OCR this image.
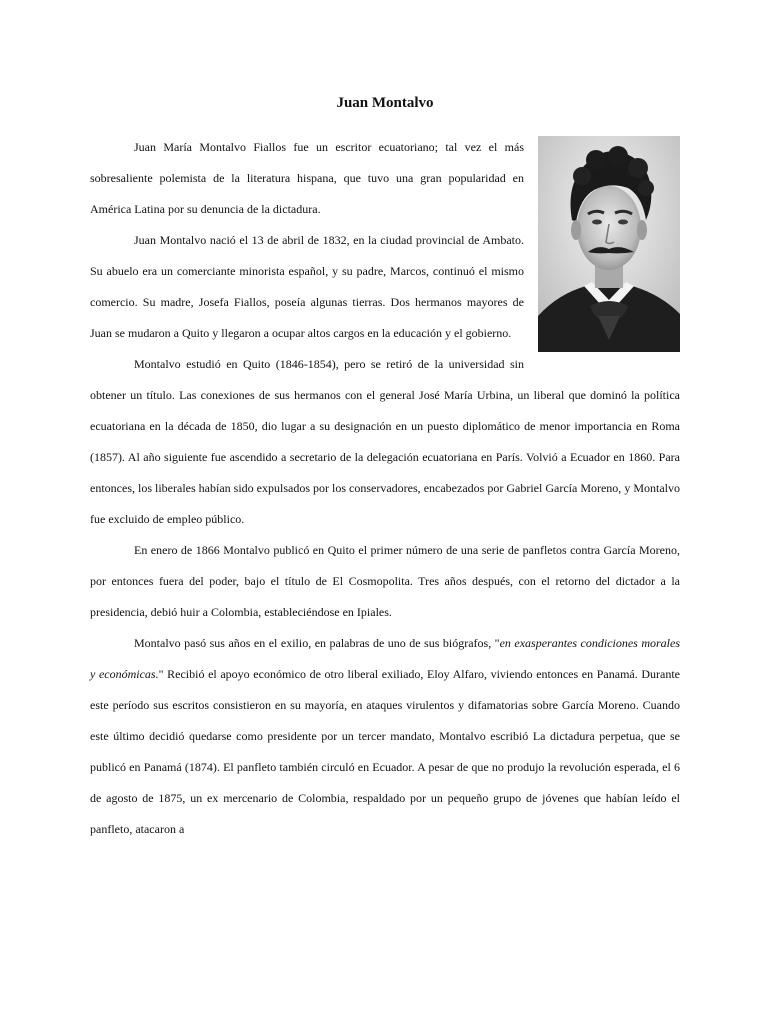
Juan Montalvo

Juan María Montalvo Fiallos fue un escritor ecuatoriano; tal vez el más sobresaliente polemista de la literatura hispana, que tuvo una gran popularidad en América Latina por su denuncia de la dictadura.

Juan Montalvo nació el 13 de abril de 1832, en la ciudad provincial de Ambato. Su abuelo era un comerciante minorista español, y su padre, Marcos, continuó el mismo comercio. Su madre, Josefa Fiallos, poseía algunas tierras. Dos hermanos mayores de Juan se mudaron a Quito y llegaron a ocupar altos cargos en la educación y el gobierno.

Montalvo estudió en Quito (1846-1854), pero se retiró de la universidad sin obtener un título. Las conexiones de sus hermanos con el general José María Urbina, un liberal que dominó la política ecuatoriana en la década de 1850, dio lugar a su designación en un puesto diplomático de menor importancia en Roma (1857). Al año siguiente fue ascendido a secretario de la delegación ecuatoriana en París. Volvió a Ecuador en 1860. Para entonces, los liberales habían sido expulsados por los conservadores, encabezados por Gabriel García Moreno, y Montalvo fue excluido de empleo público.

En enero de 1866 Montalvo publicó en Quito el primer número de una serie de panfletos contra García Moreno, por entonces fuera del poder, bajo el título de El Cosmopolita. Tres años después, con el retorno del dictador a la presidencia, debió huir a Colombia, estableciéndose en Ipiales.

Montalvo pasó sus años en el exilio, en palabras de uno de sus biógrafos, "en exasperantes condiciones morales y económicas." Recibió el apoyo económico de otro liberal exiliado, Eloy Alfaro, viviendo entonces en Panamá. Durante este período sus escritos consistieron en su mayoría, en ataques virulentos y difamatorias sobre García Moreno. Cuando este último decidió quedarse como presidente por un tercer mandato, Montalvo escribió La dictadura perpetua, que se publicó en Panamá (1874). El panfleto también circuló en Ecuador. A pesar de que no produjo la revolución esperada, el 6 de agosto de 1875, un ex mercenario de Colombia, respaldado por un pequeño grupo de jóvenes que habían leído el panfleto, atacaron a
